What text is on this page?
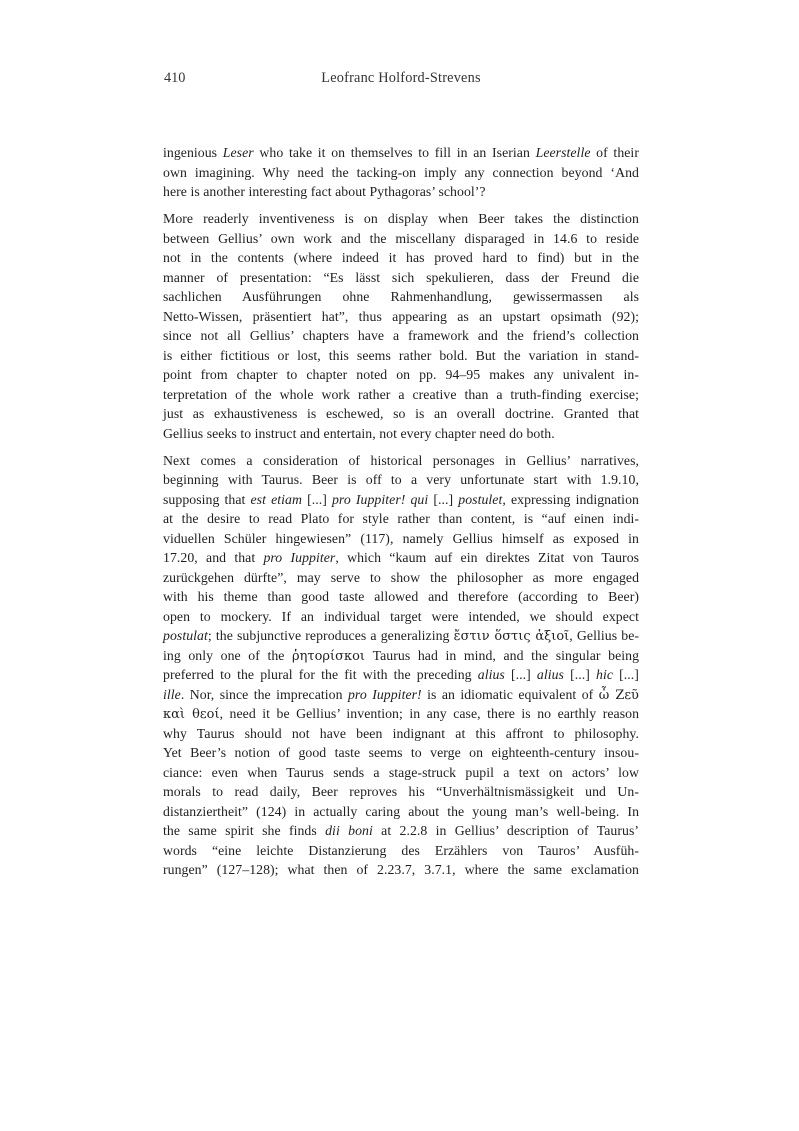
410	Leofranc Holford-Strevens
ingenious Leser who take it on themselves to fill in an Iserian Leerstelle of their
own imagining. Why need the tacking-on imply any connection beyond ‘And
here is another interesting fact about Pythagoras’ school’?
More readerly inventiveness is on display when Beer takes the distinction
between Gellius’ own work and the miscellany disparaged in 14.6 to reside
not in the contents (where indeed it has proved hard to find) but in the
manner of presentation: “Es lässt sich spekulieren, dass der Freund die
sachlichen Ausführungen ohne Rahmenhandlung, gewissermassen als
Netto-Wissen, präsentiert hat”, thus appearing as an upstart opsimath (92);
since not all Gellius’ chapters have a framework and the friend’s collection
is either fictitious or lost, this seems rather bold. But the variation in stand-
point from chapter to chapter noted on pp. 94–95 makes any univalent in-
terpretation of the whole work rather a creative than a truth-finding exercise;
just as exhaustiveness is eschewed, so is an overall doctrine. Granted that
Gellius seeks to instruct and entertain, not every chapter need do both.
Next comes a consideration of historical personages in Gellius’ narratives,
beginning with Taurus. Beer is off to a very unfortunate start with 1.9.10,
supposing that est etiam [...] pro Iuppiter! qui [...] postulet, expressing indignation
at the desire to read Plato for style rather than content, is “auf einen indi-
viduellen Schüler hingewiesen” (117), namely Gellius himself as exposed in
17.20, and that pro Iuppiter, which “kaum auf ein direktes Zitat von Tauros
zurückgehen dürfte”, may serve to show the philosopher as more engaged
with his theme than good taste allowed and therefore (according to Beer)
open to mockery. If an individual target were intended, we should expect
postulat; the subjunctive reproduces a generalizing ἔστιν ὅστις ἀξιοῖ, Gellius be-
ing only one of the ῥητορίσκοι Taurus had in mind, and the singular being
preferred to the plural for the fit with the preceding alius [...] alius [...] hic [...]
ille. Nor, since the imprecation pro Iuppiter! is an idiomatic equivalent of ὦ Ζεῦ
καὶ θεοί, need it be Gellius’ invention; in any case, there is no earthly reason
why Taurus should not have been indignant at this affront to philosophy.
Yet Beer’s notion of good taste seems to verge on eighteenth-century insou-
ciance: even when Taurus sends a stage-struck pupil a text on actors’ low
morals to read daily, Beer reproves his “Unverhältnismässigkeit und Un-
distanziertheit” (124) in actually caring about the young man’s well-being. In
the same spirit she finds dii boni at 2.2.8 in Gellius’ description of Taurus’
words “eine leichte Distanzierung des Erzählers von Tauros’ Ausfüh-
rungen” (127–128); what then of 2.23.7, 3.7.1, where the same exclamation
